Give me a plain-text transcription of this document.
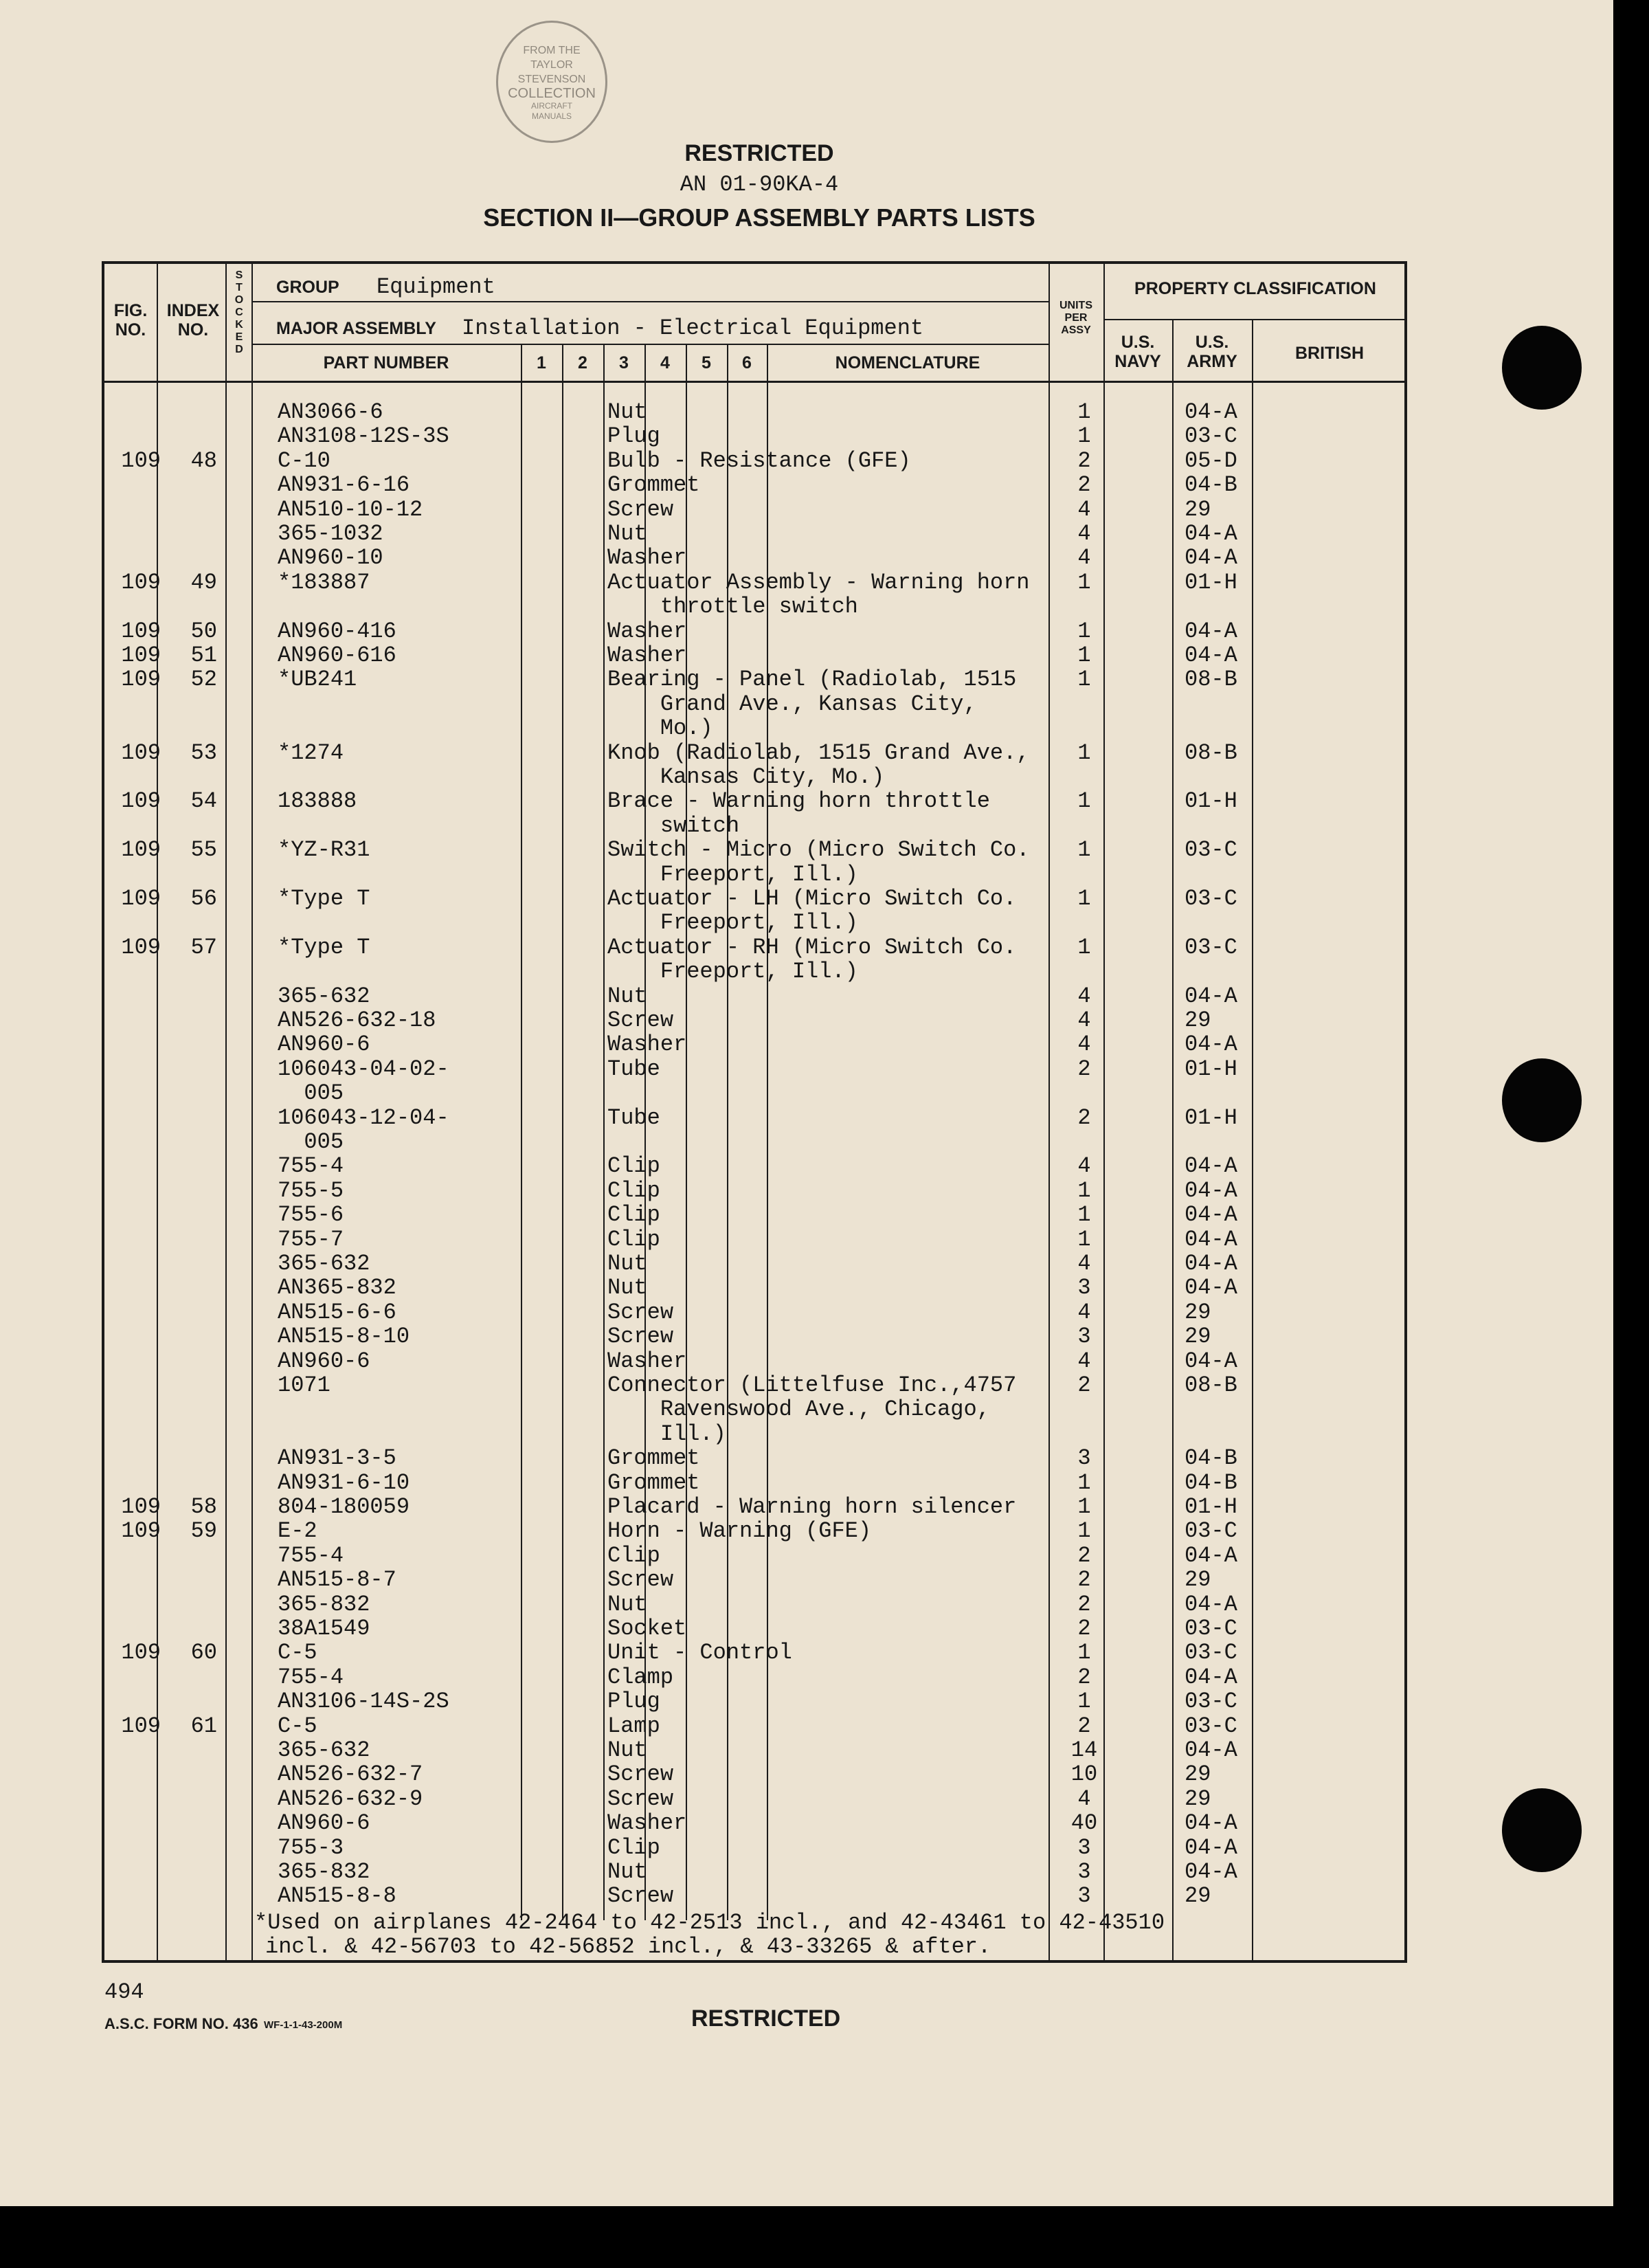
FROM THE
TAYLOR
STEVENSON
COLLECTION
AIRCRAFT
MANUALS
RESTRICTED
AN 01-90KA-4
SECTION II—GROUP ASSEMBLY PARTS LISTS
FIG. NO.
INDEX NO.
S
T
O
C
K
E
D
GROUP Equipment
MAJOR ASSEMBLY Installation - Electrical Equipment
PART NUMBER	1	2	3	4	5	6	NOMENCLATURE
UNITS PER ASSY
PROPERTY CLASSIFICATION
U.S. NAVY
U.S. ARMY	BRITISH
AN3066-6	Nut	1	04-A
AN3108-12S-3S	Plug	1	03-C
109	48	C-10	Bulb - Resistance (GFE)	2	05-D
AN931-6-16	Grommet	2	04-B
AN510-10-12	Screw	4	29
365-1032	Nut	4	04-A
AN960-10	Washer	4	04-A
109	49	*183887	Actuator Assembly - Warning horn	1	01-H
throttle switch
109	50	AN960-416	Washer	1	04-A
109	51	AN960-616	Washer	1	04-A
109	52	*UB241	Bearing - Panel (Radiolab, 1515	1	08-B
Grand Ave., Kansas City,
Mo.)
109	53	*1274	Knob (Radiolab, 1515 Grand Ave.,	1	08-B
Kansas City, Mo.)
109	54	183888	Brace - Warning horn throttle	1	01-H
switch
109	55	*YZ-R31	Switch - Micro (Micro Switch Co.	1	03-C
Freeport, Ill.)
109	56	*Type T	Actuator - LH (Micro Switch Co.	1	03-C
Freeport, Ill.)
109	57	*Type T	Actuator - RH (Micro Switch Co.	1	03-C
Freeport, Ill.)
365-632	Nut	4	04-A
AN526-632-18	Screw	4	29
AN960-6	Washer	4	04-A
106043-04-02-	Tube	2	01-H
005
106043-12-04-	Tube	2	01-H
005
755-4	Clip	4	04-A
755-5	Clip	1	04-A
755-6	Clip	1	04-A
755-7	Clip	1	04-A
365-632	Nut	4	04-A
AN365-832	Nut	3	04-A
AN515-6-6	Screw	4	29
AN515-8-10	Screw	3	29
AN960-6	Washer	4	04-A
1071	Connector (Littelfuse Inc.,4757	2	08-B
Ravenswood Ave., Chicago,
Ill.)
AN931-3-5	Grommet	3	04-B
AN931-6-10	Grommet	1	04-B
109	58	804-180059	Placard - Warning horn silencer	1	01-H
109	59	E-2	Horn - Warning (GFE)	1	03-C
755-4	Clip	2	04-A
AN515-8-7	Screw	2	29
365-832	Nut	2	04-A
38A1549	Socket	2	03-C
109	60	C-5	Unit - Control	1	03-C
755-4	Clamp	2	04-A
AN3106-14S-2S	Plug	1	03-C
109	61	C-5	Lamp	2	03-C
365-632	Nut	14	04-A
AN526-632-7	Screw	10	29
AN526-632-9	Screw	4	29
AN960-6	Washer	40	04-A
755-3	Clip	3	04-A
365-832	Nut	3	04-A
AN515-8-8	Screw	3	29
*Used on airplanes 42-2464 to 42-2513 incl., and 42-43461 to 42-43510
incl. & 42-56703 to 42-56852 incl., & 43-33265 & after.
494
A.S.C. FORM NO. 436 WF-1-1-43-200M	RESTRICTED
